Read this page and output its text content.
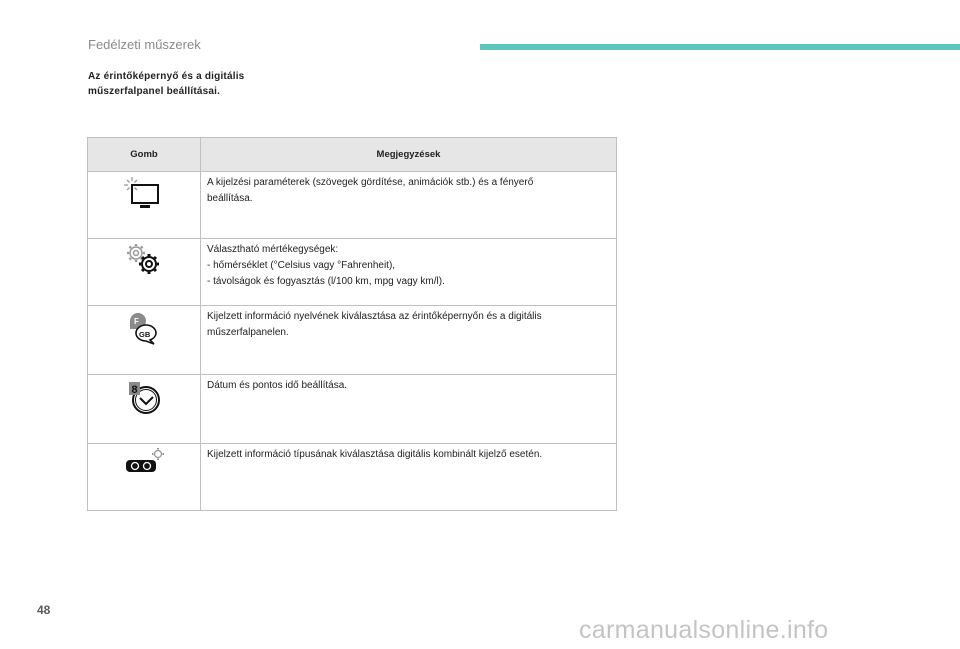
Fedélzeti műszerek
Az érintőképernyő és a digitális
műszerfalpanel beállításai.
Gomb	Megjegyzések

A kijelzési paraméterek (szövegek gördítése, animációk stb.) és a fényerő
beállítása.

Választható mértékegységek:
- hőmérséklet (°Celsius vagy °Fahrenheit),
- távolságok és fogyasztás (l/100 km, mpg vagy km/l).

F
GB	Kijelzett információ nyelvének kiválasztása az érintőképernyőn és a digitális
műszerfalpanelen.

8	Dátum és pontos idő beállítása.

Kijelzett információ típusának kiválasztása digitális kombinált kijelző esetén.
48
carmanualsonline.info
